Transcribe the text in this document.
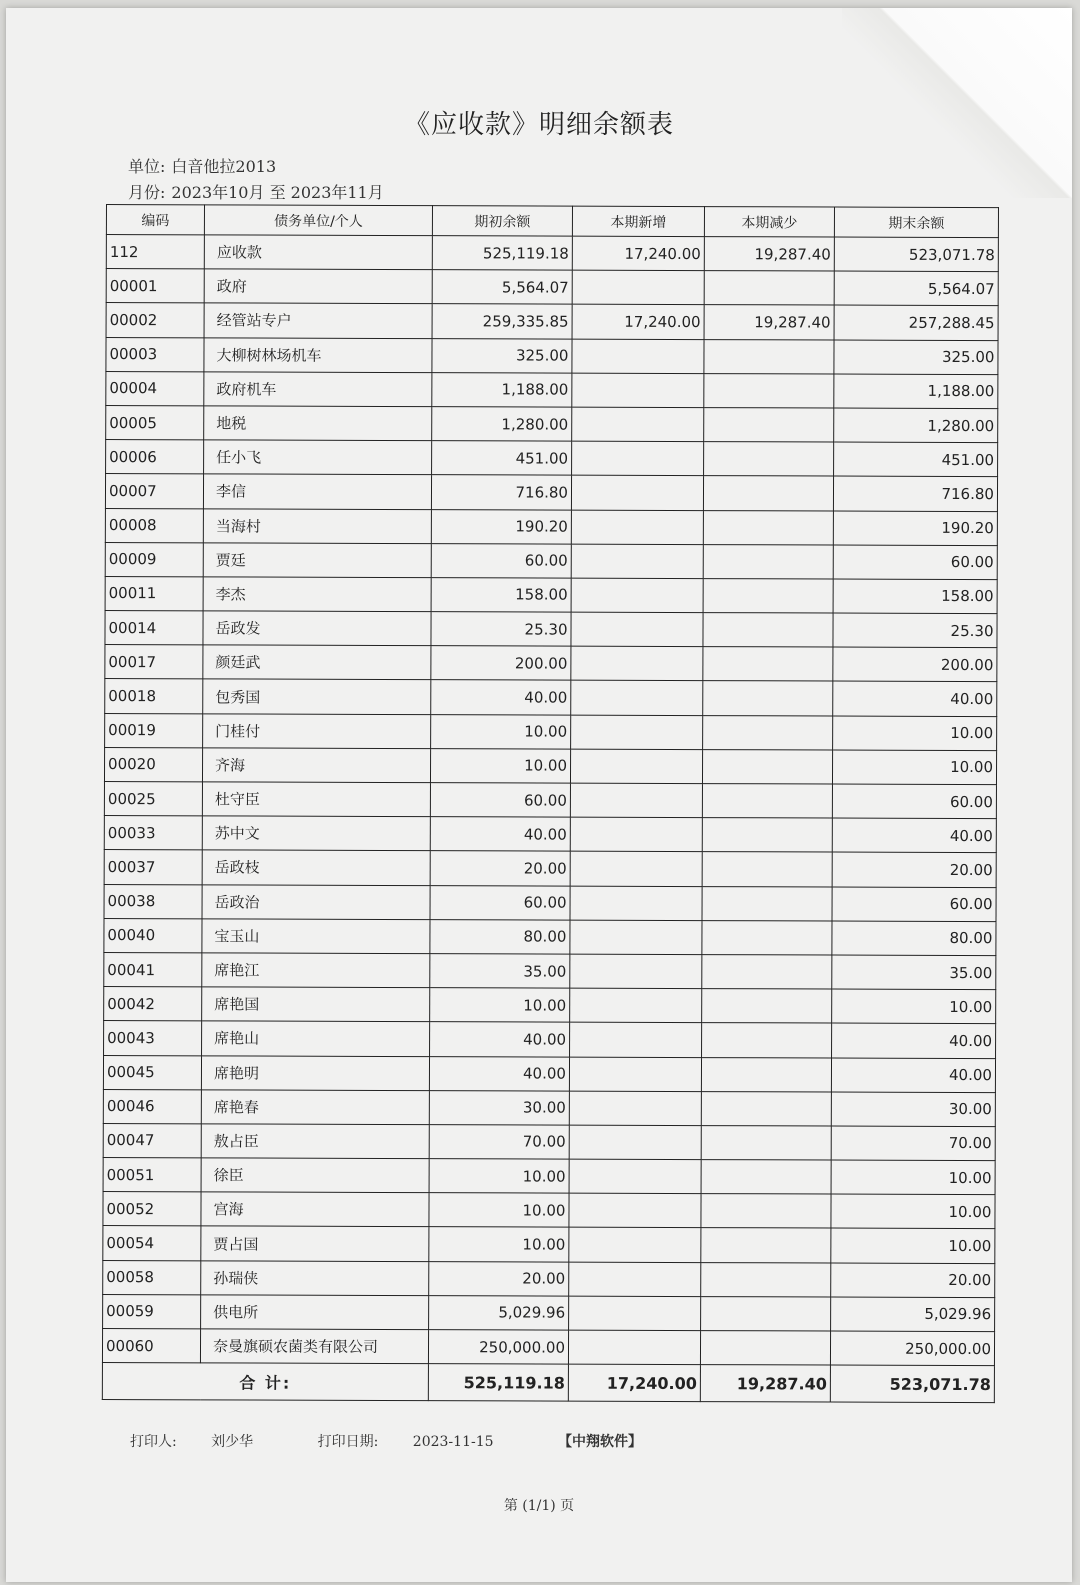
《应收款》明细余额表
单位: 白音他拉2013
月份: 2023年10月 至 2023年11月
编码	债务单位/个人	期初余额	本期新增	本期减少	期末余额
112	应收款	525,119.18	17,240.00	19,287.40	523,071.78
00001	政府	5,564.07			5,564.07
00002	经管站专户	259,335.85	17,240.00	19,287.40	257,288.45
00003	大柳树林场机车	325.00			325.00
00004	政府机车	1,188.00			1,188.00
00005	地税	1,280.00			1,280.00
00006	任小飞	451.00			451.00
00007	李信	716.80			716.80
00008	当海村	190.20			190.20
00009	贾廷	60.00			60.00
00011	李杰	158.00			158.00
00014	岳政发	25.30			25.30
00017	颜廷武	200.00			200.00
00018	包秀国	40.00			40.00
00019	门桂付	10.00			10.00
00020	齐海	10.00			10.00
00025	杜守臣	60.00			60.00
00033	苏中文	40.00			40.00
00037	岳政枝	20.00			20.00
00038	岳政治	60.00			60.00
00040	宝玉山	80.00			80.00
00041	席艳江	35.00			35.00
00042	席艳国	10.00			10.00
00043	席艳山	40.00			40.00
00045	席艳明	40.00			40.00
00046	席艳春	30.00			30.00
00047	敖占臣	70.00			70.00
00051	徐臣	10.00			10.00
00052	宫海	10.00			10.00
00054	贾占国	10.00			10.00
00058	孙瑞侠	20.00			20.00
00059	供电所	5,029.96			5,029.96
00060	奈曼旗硕农菌类有限公司	250,000.00			250,000.00
合 计:		525,119.18	17,240.00	19,287.40	523,071.78
打印人: 刘少华	打印日期: 2023-11-15	【中翔软件】
第 (1/1) 页
